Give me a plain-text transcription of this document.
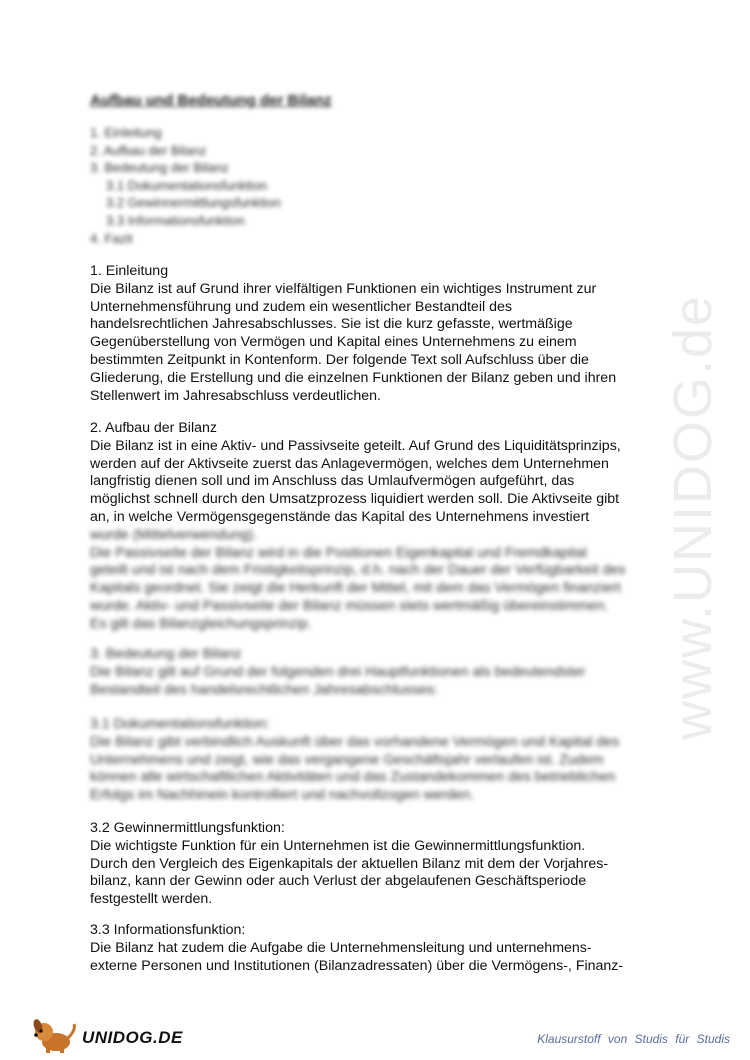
www.UNIDOG.de
Aufbau und Bedeutung der Bilanz
1. Einleitung
2. Aufbau der Bilanz
3. Bedeutung der Bilanz
3.1 Dokumentationsfunktion
3.2 Gewinnermittlungsfunktion
3.3 Informationsfunktion
4. Fazit

1. Einleitung

Die Bilanz ist auf Grund ihrer vielfältigen Funktionen ein wichtiges Instrument zur

Unternehmensführung und zudem ein wesentlicher Bestandteil des

handelsrechtlichen Jahresabschlusses. Sie ist die kurz gefasste, wertmäßige

Gegenüberstellung von Vermögen und Kapital eines Unternehmens zu einem

bestimmten Zeitpunkt in Kontenform. Der folgende Text soll Aufschluss über die

Gliederung, die Erstellung und die einzelnen Funktionen der Bilanz geben und ihren

Stellenwert im Jahresabschluss verdeutlichen.

2. Aufbau der Bilanz

Die Bilanz ist in eine Aktiv- und Passivseite geteilt. Auf Grund des Liquiditätsprinzips,

werden auf der Aktivseite zuerst das Anlagevermögen, welches dem Unternehmen

langfristig dienen soll und im Anschluss das Umlaufvermögen aufgeführt, das

möglichst schnell durch den Umsatzprozess liquidiert werden soll. Die Aktivseite gibt

an, in welche Vermögensgegenstände das Kapital des Unternehmens investiert

wurde (Mittelverwendung).

Die Passivseite der Bilanz wird in die Positionen Eigenkapital und Fremdkapital

geteilt und ist nach dem Fristigkeitsprinzip, d.h. nach der Dauer der Verfügbarkeit des

Kapitals geordnet. Sie zeigt die Herkunft der Mittel, mit dem das Vermögen finanziert

wurde. Aktiv- und Passivseite der Bilanz müssen stets wertmäßig übereinstimmen.

Es gilt das Bilanzgleichungsprinzip.

3. Bedeutung der Bilanz

Die Bilanz gilt auf Grund der folgenden drei Hauptfunktionen als bedeutendster

Bestandteil des handelsrechtlichen Jahresabschlusses:

3.1 Dokumentationsfunktion:

Die Bilanz gibt verbindlich Auskunft über das vorhandene Vermögen und Kapital des

Unternehmens und zeigt, wie das vergangene Geschäftsjahr verlaufen ist. Zudem

können alle wirtschaftlichen Aktivitäten und das Zustandekommen des betrieblichen

Erfolgs im Nachhinein kontrolliert und nachvollzogen werden.

3.2 Gewinnermittlungsfunktion:

Die wichtigste Funktion für ein Unternehmen ist die Gewinnermittlungsfunktion.

Durch den Vergleich des Eigenkapitals der aktuellen Bilanz mit dem der Vorjahres-

bilanz, kann der Gewinn oder auch Verlust der abgelaufenen Geschäftsperiode

festgestellt werden.

3.3 Informationsfunktion:

Die Bilanz hat zudem die Aufgabe die Unternehmensleitung und unternehmens-

externe Personen und Institutionen (Bilanzadressaten) über die Vermögens-, Finanz-

UNIDOG.DE	Klausurstoff von Studis für Studis
